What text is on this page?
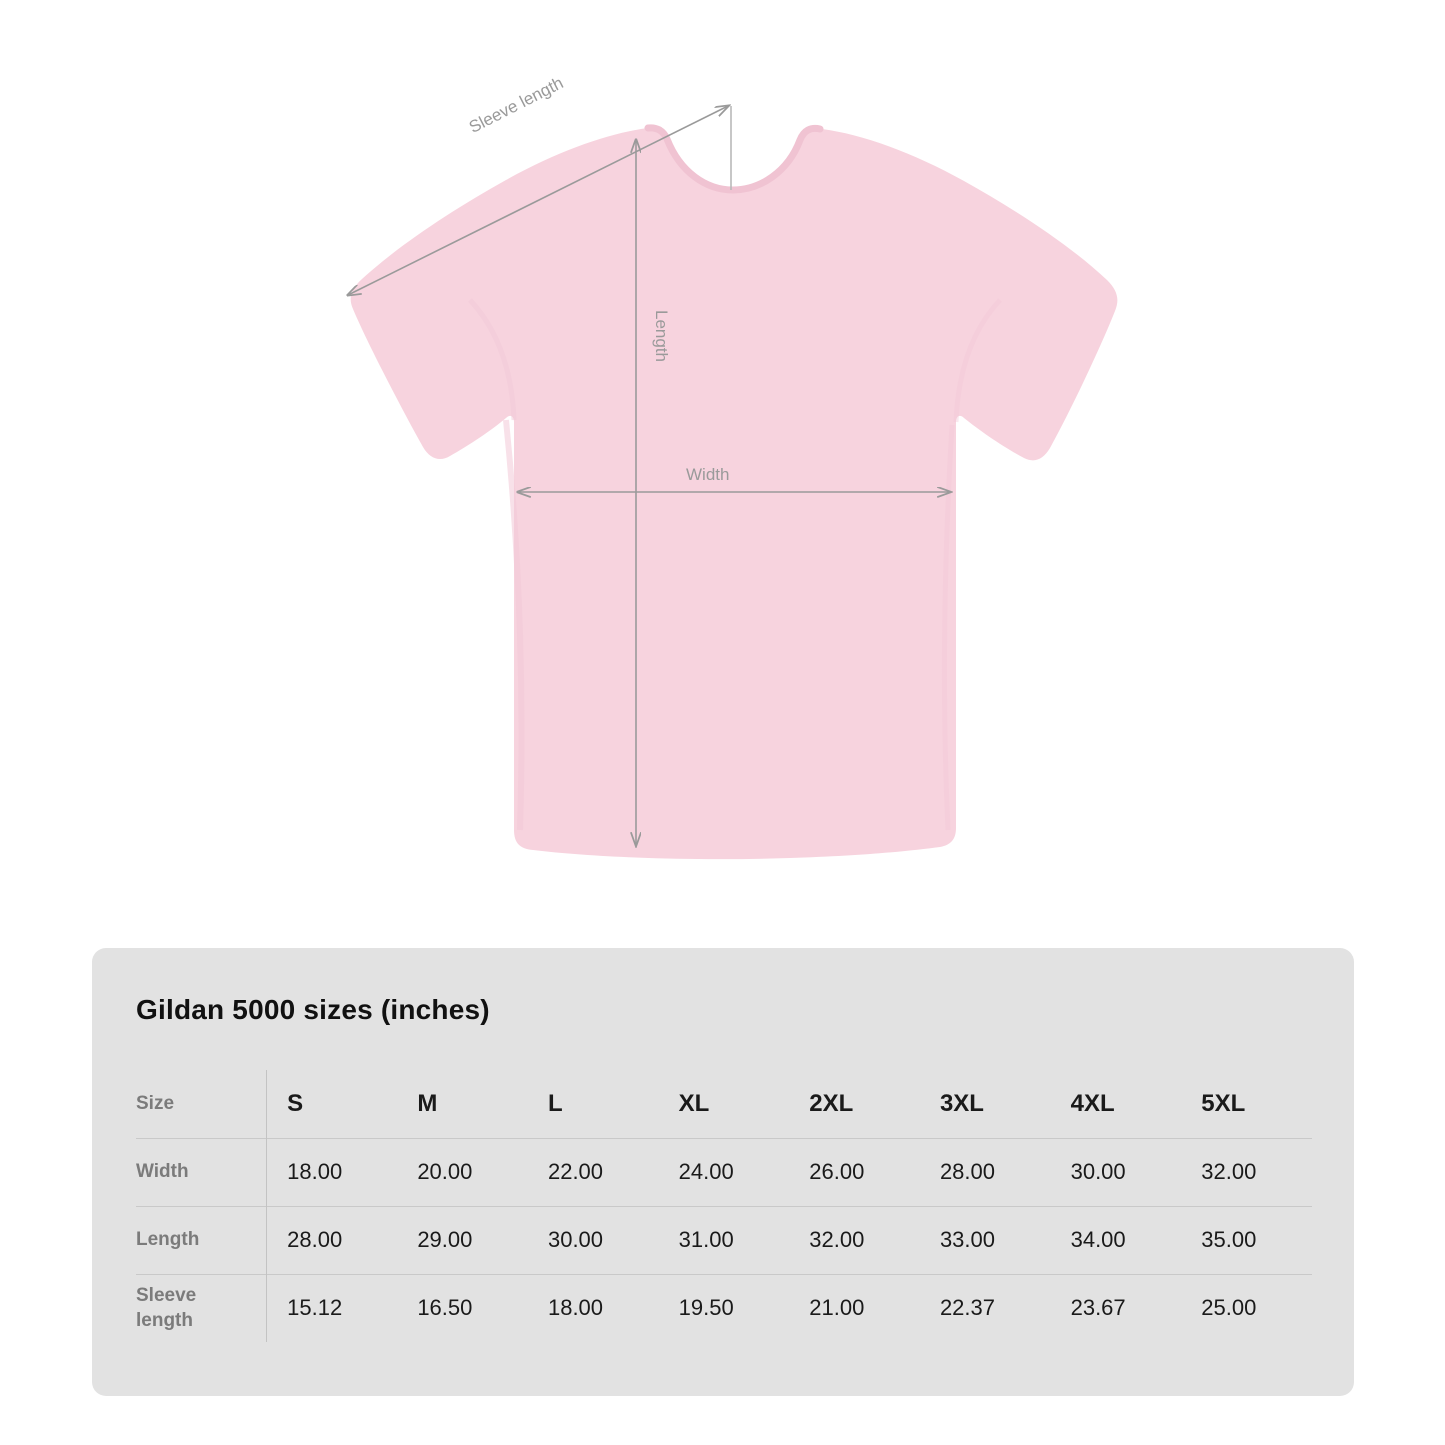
Sleeve length
Length
Width
Gildan 5000 sizes (inches)
Size	S	M	L	XL	2XL	3XL	4XL	5XL
Width	18.00	20.00	22.00	24.00	26.00	28.00	30.00	32.00
Length	28.00	29.00	30.00	31.00	32.00	33.00	34.00	35.00
Sleeve length	15.12	16.50	18.00	19.50	21.00	22.37	23.67	25.00
